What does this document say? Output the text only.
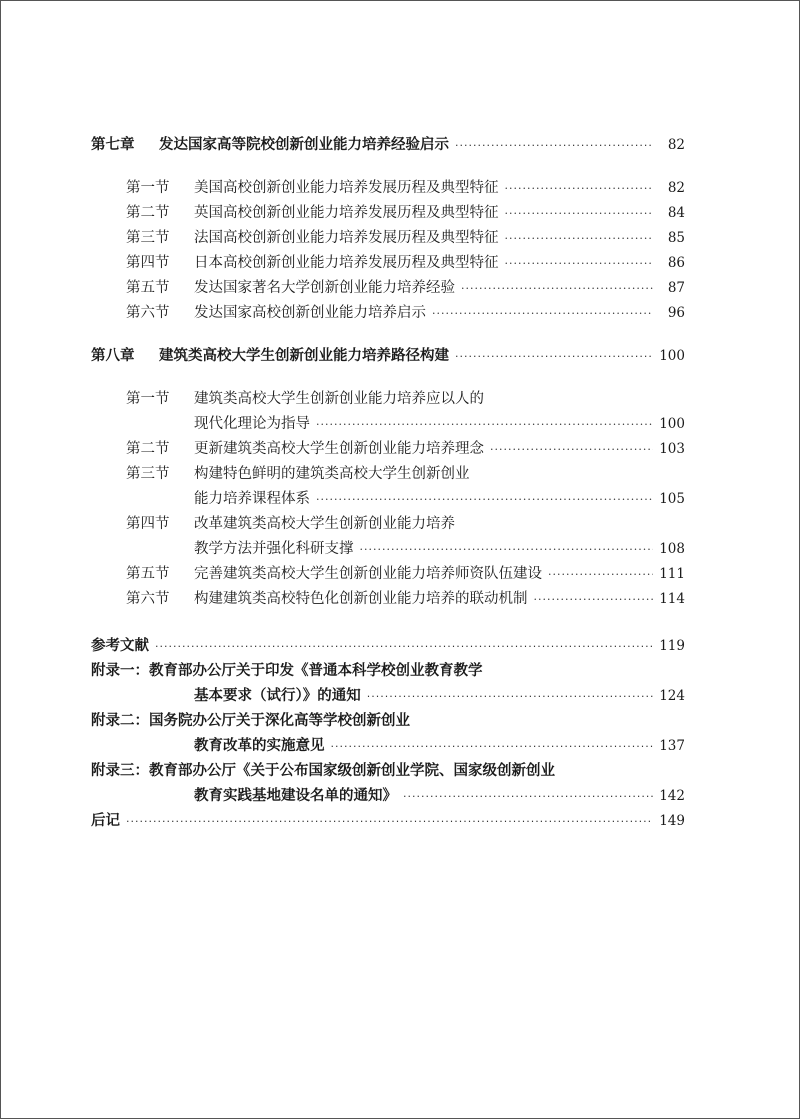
第七章	发达国家高等院校创新创业能力培养经验启示 ·····	82
第一节	美国高校创新创业能力培养发展历程及典型特征 ·····	82
第二节	英国高校创新创业能力培养发展历程及典型特征 ·····	84
第三节	法国高校创新创业能力培养发展历程及典型特征 ·····	85
第四节	日本高校创新创业能力培养发展历程及典型特征 ·····	86
第五节	发达国家著名大学创新创业能力培养经验 ·····	87
第六节	发达国家高校创新创业能力培养启示 ·····	96
第八章	建筑类高校大学生创新创业能力培养路径构建 ·····	100
第一节	建筑类高校大学生创新创业能力培养应以人的
现代化理论为指导 ·····	100
第二节	更新建筑类高校大学生创新创业能力培养理念 ·····	103
第三节	构建特色鲜明的建筑类高校大学生创新创业
能力培养课程体系 ·····	105
第四节	改革建筑类高校大学生创新创业能力培养
教学方法并强化科研支撑 ·····	108
第五节	完善建筑类高校大学生创新创业能力培养师资队伍建设 ·····	111
第六节	构建建筑类高校特色化创新创业能力培养的联动机制 ·····	114
参考文献 ·····	119
附录一：教育部办公厅关于印发《普通本科学校创业教育教学
基本要求（试行）》的通知 ·····	124
附录二：国务院办公厅关于深化高等学校创新创业
教育改革的实施意见 ·····	137
附录三：教育部办公厅《关于公布国家级创新创业学院、国家级创新创业
教育实践基地建设名单的通知》 ·····	142
后记 ·····	149
